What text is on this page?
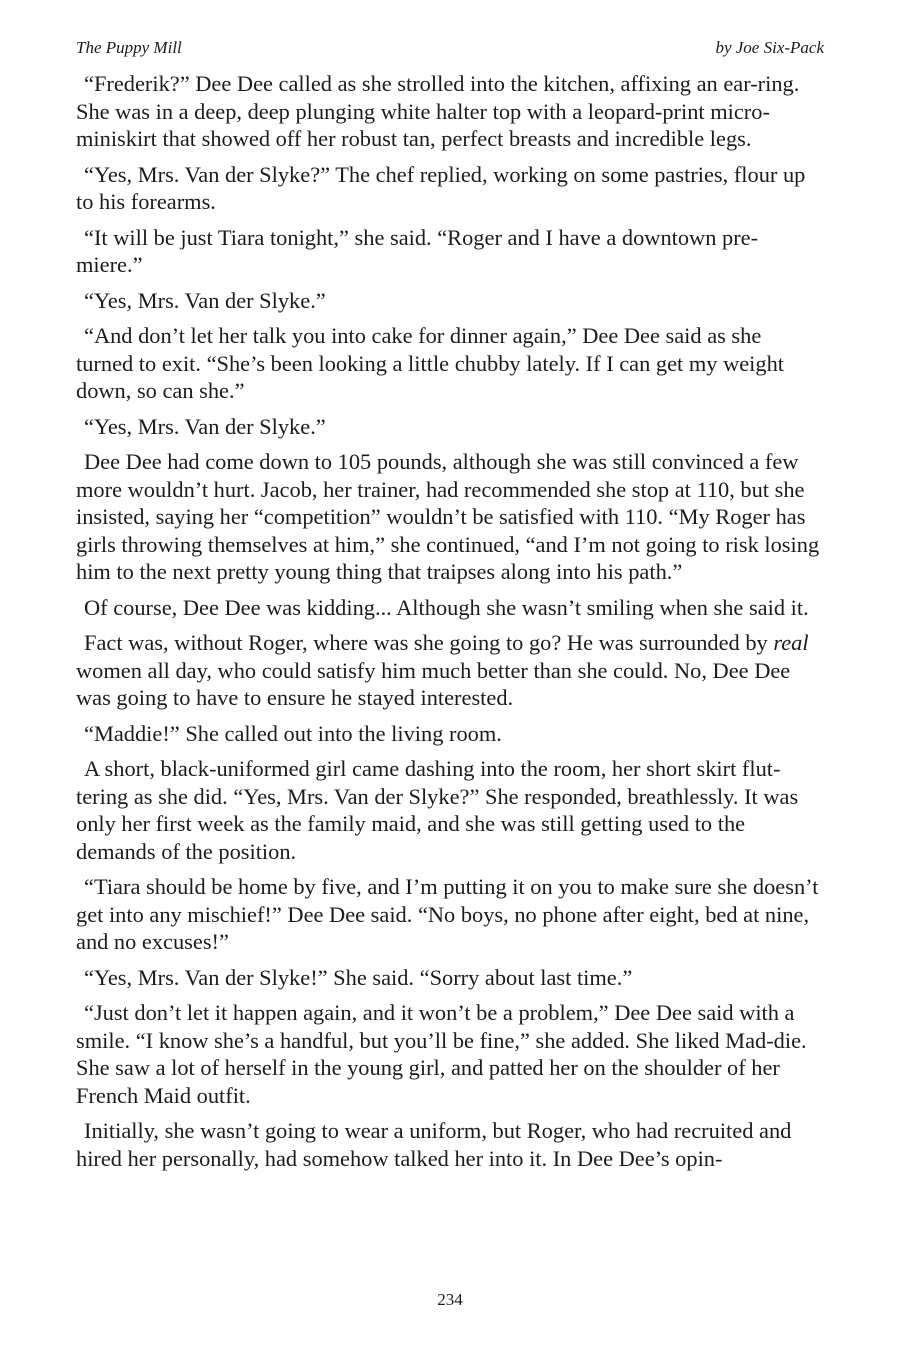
The Puppy Mill	by Joe Six-Pack

“Frederik?” Dee Dee called as she strolled into the kitchen, affixing an ear-ring. She was in a deep, deep plunging white halter top with a leopard-print micro-miniskirt that showed off her robust tan, perfect breasts and incredible legs.

“Yes, Mrs. Van der Slyke?” The chef replied, working on some pastries, flour up to his forearms.

“It will be just Tiara tonight,” she said. “Roger and I have a downtown pre-miere.”

“Yes, Mrs. Van der Slyke.”

“And don’t let her talk you into cake for dinner again,” Dee Dee said as she turned to exit. “She’s been looking a little chubby lately. If I can get my weight down, so can she.”

“Yes, Mrs. Van der Slyke.”

Dee Dee had come down to 105 pounds, although she was still convinced a few more wouldn’t hurt. Jacob, her trainer, had recommended she stop at 110, but she insisted, saying her “competition” wouldn’t be satisfied with 110. “My Roger has girls throwing themselves at him,” she continued, “and I’m not going to risk losing him to the next pretty young thing that traipses along into his path.”

Of course, Dee Dee was kidding... Although she wasn’t smiling when she said it.

Fact was, without Roger, where was she going to go? He was surrounded by real women all day, who could satisfy him much better than she could. No, Dee Dee was going to have to ensure he stayed interested.

“Maddie!” She called out into the living room.

A short, black-uniformed girl came dashing into the room, her short skirt flut-tering as she did. “Yes, Mrs. Van der Slyke?” She responded, breathlessly. It was only her first week as the family maid, and she was still getting used to the demands of the position.

“Tiara should be home by five, and I’m putting it on you to make sure she doesn’t get into any mischief!” Dee Dee said. “No boys, no phone after eight, bed at nine, and no excuses!”

“Yes, Mrs. Van der Slyke!” She said. “Sorry about last time.”

“Just don’t let it happen again, and it won’t be a problem,” Dee Dee said with a smile. “I know she’s a handful, but you’ll be fine,” she added. She liked Mad-die. She saw a lot of herself in the young girl, and patted her on the shoulder of her French Maid outfit.

Initially, she wasn’t going to wear a uniform, but Roger, who had recruited and hired her personally, had somehow talked her into it. In Dee Dee’s opin-

234
